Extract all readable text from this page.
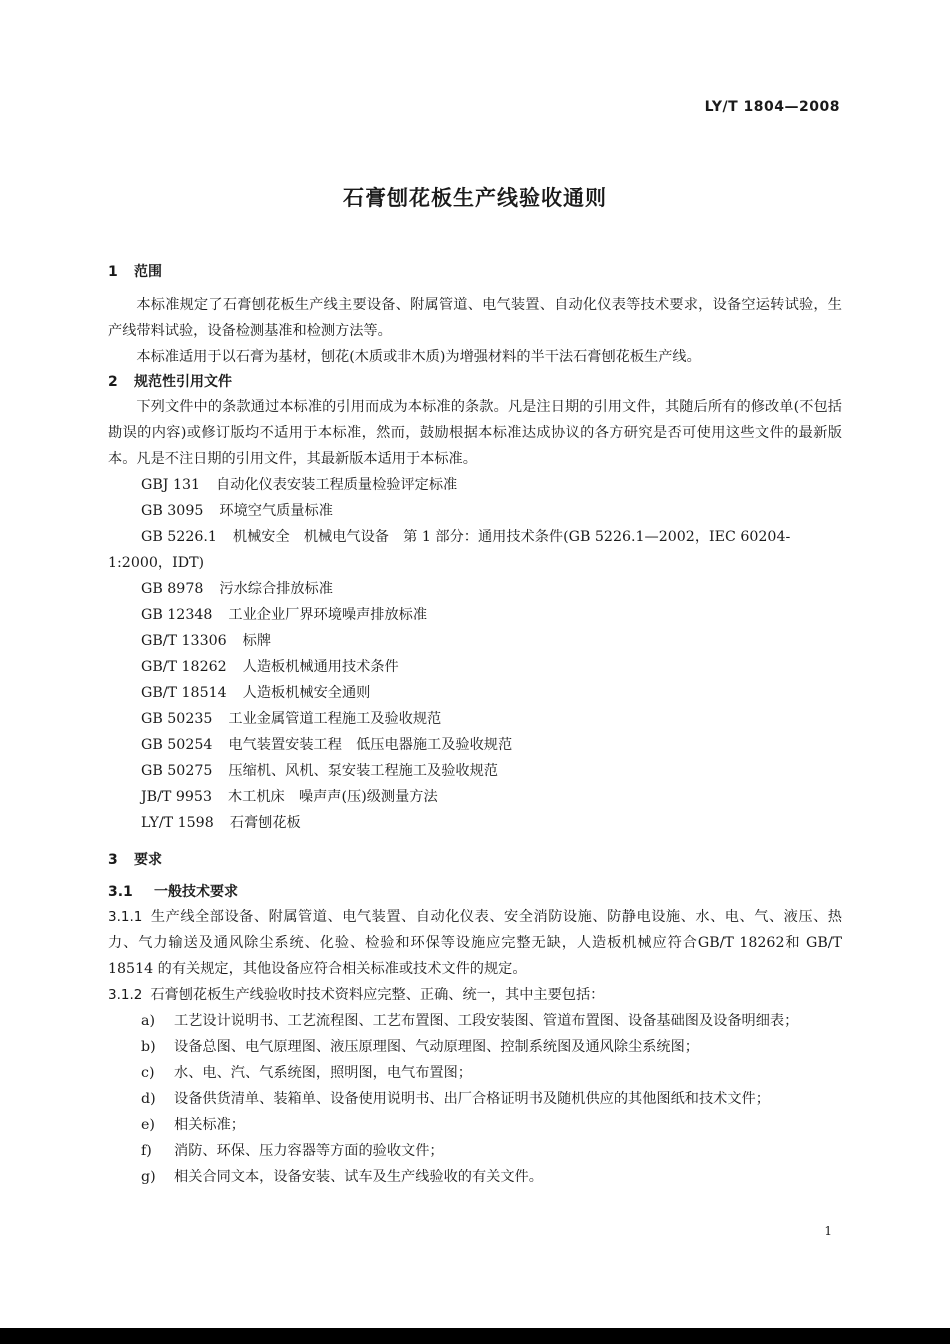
LY/T 1804—2008
石膏刨花板生产线验收通则
1 范围
本标准规定了石膏刨花板生产线主要设备、附属管道、电气装置、自动化仪表等技术要求，设备空运转试验，生产线带料试验，设备检测基准和检测方法等。
本标准适用于以石膏为基材，刨花(木质或非木质)为增强材料的半干法石膏刨花板生产线。
2 规范性引用文件
下列文件中的条款通过本标准的引用而成为本标准的条款。凡是注日期的引用文件，其随后所有的修改单(不包括勘误的内容)或修订版均不适用于本标准，然而，鼓励根据本标准达成协议的各方研究是否可使用这些文件的最新版本。凡是不注日期的引用文件，其最新版本适用于本标准。
GBJ 131 自动化仪表安装工程质量检验评定标准
GB 3095 环境空气质量标准
GB 5226.1 机械安全　机械电气设备　第 1 部分：通用技术条件(GB 5226.1—2002，IEC 60204-1:2000，IDT)
GB 8978 污水综合排放标准
GB 12348 工业企业厂界环境噪声排放标准
GB/T 13306 标牌
GB/T 18262 人造板机械通用技术条件
GB/T 18514 人造板机械安全通则
GB 50235 工业金属管道工程施工及验收规范
GB 50254 电气装置安装工程　低压电器施工及验收规范
GB 50275 压缩机、风机、泵安装工程施工及验收规范
JB/T 9953 木工机床　噪声声(压)级测量方法
LY/T 1598 石膏刨花板
3 要求
3.1 一般技术要求
3.1.1 生产线全部设备、附属管道、电气装置、自动化仪表、安全消防设施、防静电设施、水、电、气、液压、热力、气力输送及通风除尘系统、化验、检验和环保等设施应完整无缺，人造板机械应符合GB/T 18262和 GB/T 18514 的有关规定，其他设备应符合相关标准或技术文件的规定。
3.1.2 石膏刨花板生产线验收时技术资料应完整、正确、统一，其中主要包括：
a) 工艺设计说明书、工艺流程图、工艺布置图、工段安装图、管道布置图、设备基础图及设备明细表；
b) 设备总图、电气原理图、液压原理图、气动原理图、控制系统图及通风除尘系统图；
c) 水、电、汽、气系统图，照明图，电气布置图；
d) 设备供货清单、装箱单、设备使用说明书、出厂合格证明书及随机供应的其他图纸和技术文件；
e) 相关标准；
f) 消防、环保、压力容器等方面的验收文件；
g) 相关合同文本，设备安装、试车及生产线验收的有关文件。
1
